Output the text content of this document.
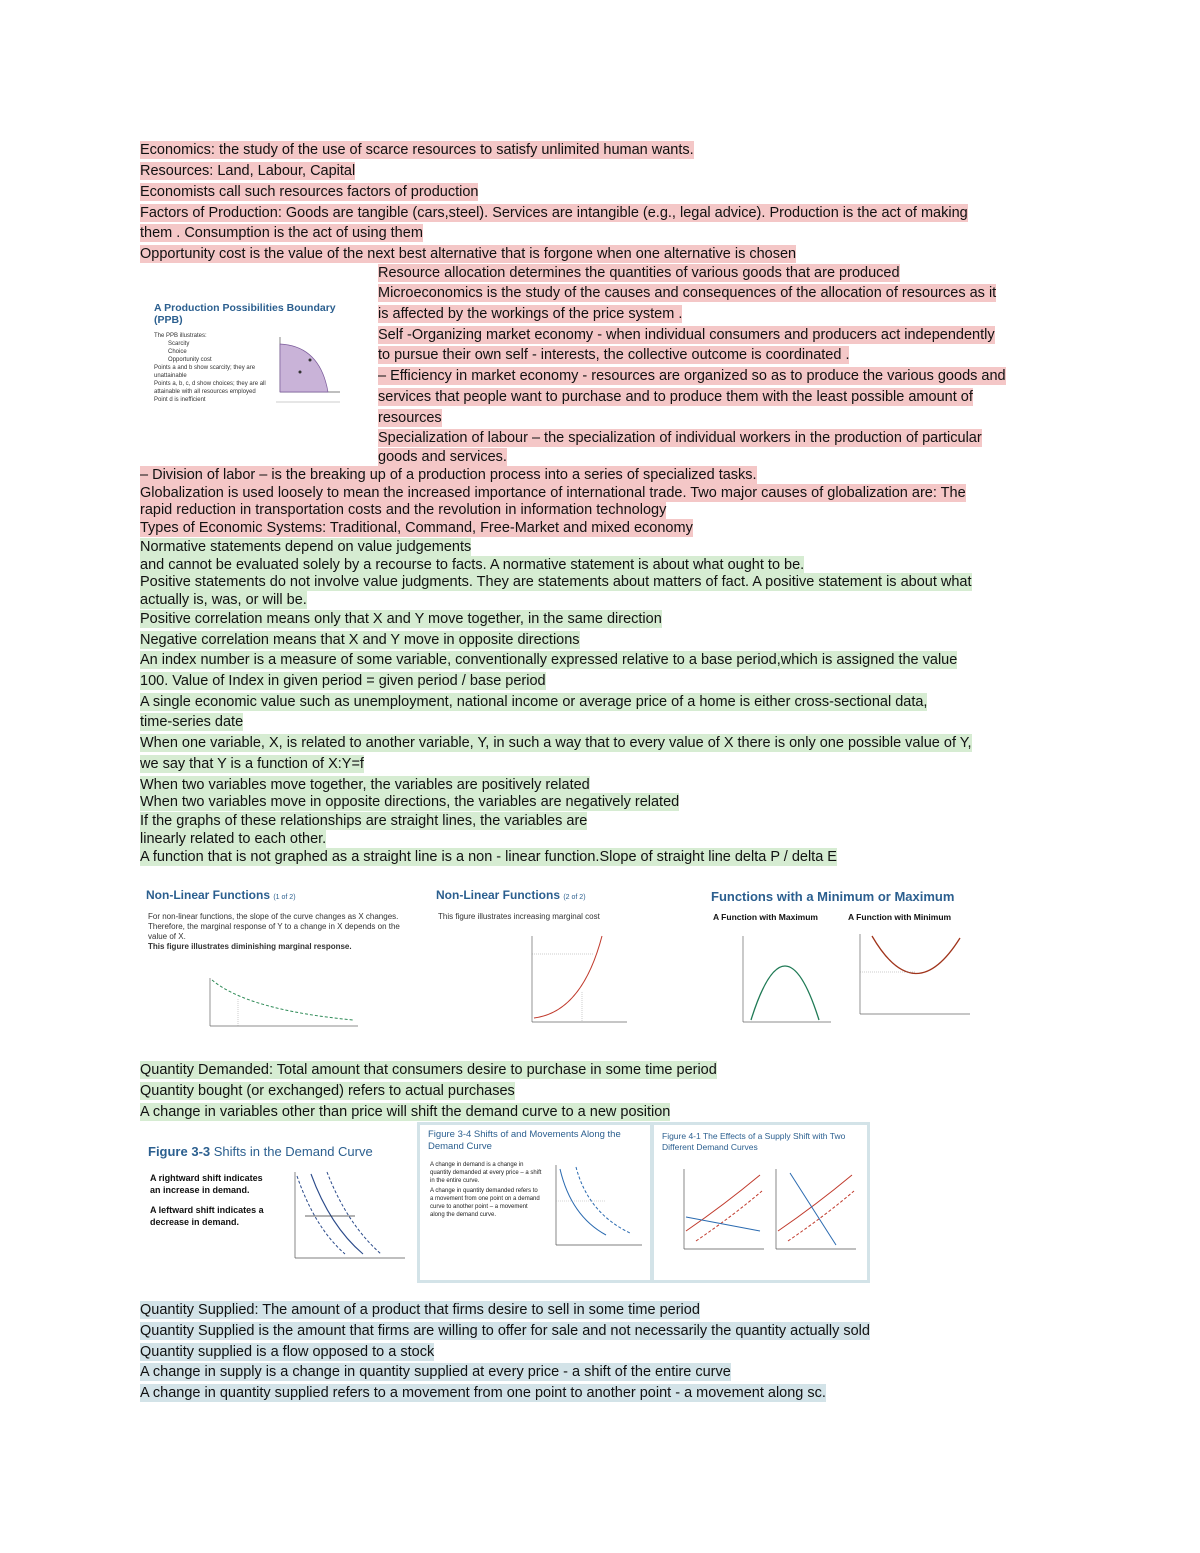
Economics: the study of the use of scarce resources to satisfy unlimited human wants.
Resources: Land, Labour, Capital
Economists call such resources factors of production
Factors of Production: Goods are tangible (cars,steel). Services are intangible (e.g., legal advice). Production is the act of making
them . Consumption is the act of using them
Opportunity cost is the value of the next best alternative that is forgone when one alternative is chosen
Resource allocation determines the quantities of various goods that are produced
Microeconomics is the study of the causes and consequences of the allocation of resources as it
is affected by the workings of the price system .
Self -Organizing market economy - when individual consumers and producers act independently
to pursue their own self - interests, the collective outcome is coordinated .
– Efficiency in market economy - resources are organized so as to produce the various goods and
services that people want to purchase and to produce them with the least possible amount of
resources
Specialization of labour – the specialization of individual workers in the production of particular
goods and services.
A Production Possibilities Boundary (PPB)
The PPB illustrates:
Scarcity
Choice
Opportunity cost
Points a and b show scarcity; they are unattainable
Points a, b, c, d show choices; they are all attainable with all resources employed
Point d is inefficient
– Division of labor – is the breaking up of a production process into a series of specialized tasks.
Globalization is used loosely to mean the increased importance of international trade. Two major causes of globalization are: The
rapid reduction in transportation costs and the revolution in information technology
Types of Economic Systems: Traditional, Command, Free-Market and mixed economy
Normative statements depend on value judgements
and cannot be evaluated solely by a recourse to facts. A normative statement is about what ought to be.
Positive statements do not involve value judgments. They are statements about matters of fact. A positive statement is about what
actually is, was, or will be.
Positive correlation means only that X and Y move together, in the same direction
Negative correlation means that X and Y move in opposite directions
An index number is a measure of some variable, conventionally expressed relative to a base period,which is assigned the value
100. Value of Index in given period = given period / base period
A single economic value such as unemployment, national income or average price of a home is either cross-sectional data,
time-series date
When one variable, X, is related to another variable, Y, in such a way that to every value of X there is only one possible value of Y,
we say that Y is a function of X:Y=f
When two variables move together, the variables are positively related
When two variables move in opposite directions, the variables are negatively related
If the graphs of these relationships are straight lines, the variables are
linearly related to each other.
A function that is not graphed as a straight line is a non - linear function.Slope of straight line delta P / delta E
Non-Linear Functions (1 of 2)
For non-linear functions, the slope of the curve changes as X changes. Therefore, the marginal response of Y to a change in X depends on the value of X.
This figure illustrates diminishing marginal response.
Non-Linear Functions (2 of 2)
This figure illustrates increasing marginal cost
Functions with a Minimum or Maximum
A Function with Maximum	A Function with Minimum
Quantity Demanded: Total amount that consumers desire to purchase in some time period
Quantity bought (or exchanged) refers to actual purchases
A change in variables other than price will shift the demand curve to a new position
Figure 3-3 Shifts in the Demand Curve
A rightward shift indicates an increase in demand.
A leftward shift indicates a decrease in demand.
Figure 3-4 Shifts of and Movements Along the Demand Curve
A change in demand is a change in quantity demanded at every price – a shift in the entire curve.
A change in quantity demanded refers to a movement from one point on a demand curve to another point – a movement along the demand curve.
Figure 4-1 The Effects of a Supply Shift with Two Different Demand Curves
Quantity Supplied: The amount of a product that firms desire to sell in some time period
Quantity Supplied is the amount that firms are willing to offer for sale and not necessarily the quantity actually sold
Quantity supplied is a flow opposed to a stock
A change in supply is a change in quantity supplied at every price - a shift of the entire curve
A change in quantity supplied refers to a movement from one point to another point - a movement along sc.
